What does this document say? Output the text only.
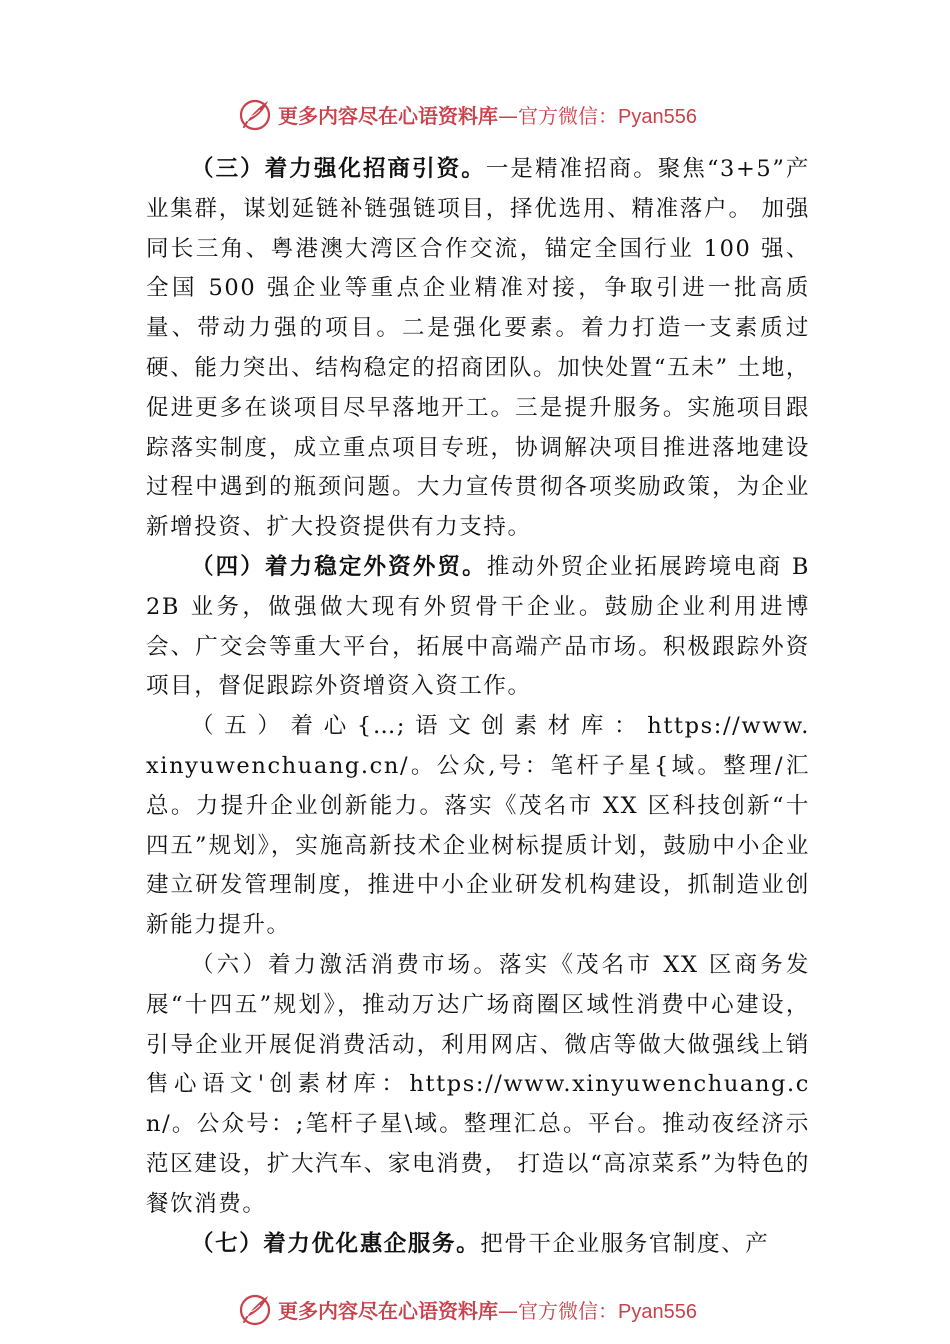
更多内容尽在心语资料库—官方微信：Pyan556

（三）着力强化招商引资。一是精准招商。聚焦“3+5”产业集群，谋划延链补链强链项目，择优选用、精准落户。 加强同长三角、粤港澳大湾区合作交流，锚定全国行业 100 强、全国 500 强企业等重点企业精准对接，争取引进一批高质量、带动力强的项目。二是强化要素。着力打造一支素质过硬、能力突出、结构稳定的招商团队。加快处置“五未” 土地，促进更多在谈项目尽早落地开工。三是提升服务。实施项目跟踪落实制度，成立重点项目专班，协调解决项目推进落地建设过程中遇到的瓶颈问题。大力宣传贯彻各项奖励政策，为企业新增投资、扩大投资提供有力支持。

（四）着力稳定外资外贸。推动外贸企业拓展跨境电商 B2B 业务，做强做大现有外贸骨干企业。鼓励企业利用进博会、广交会等重大平台，拓展中高端产品市场。积极跟踪外资项目，督促跟踪外资增资入资工作。

（ 五 ） 着 心 {…; 语 文 创 素 材 库 ： https://www.xinyuwenchuang.cn/。公众,号：笔杆子星{域。整理/汇总。力提升企业创新能力。落实《茂名市 XX 区科技创新“十四五”规划》，实施高新技术企业树标提质计划，鼓励中小企业建立研发管理制度，推进中小企业研发机构建设，抓制造业创新能力提升。

（六）着力激活消费市场。落实《茂名市 XX 区商务发展“十四五”规划》，推动万达广场商圈区域性消费中心建设， 引导企业开展促消费活动，利用网店、微店等做大做强线上销售心语文'创素材库：https://www.xinyuwenchuang.cn/。公众号：;笔杆子星\域。整理汇总。平台。推动夜经济示范区建设，扩大汽车、家电消费， 打造以“高凉菜系”为特色的餐饮消费。

（七）着力优化惠企服务。把骨干企业服务官制度、产

更多内容尽在心语资料库—官方微信：Pyan556
